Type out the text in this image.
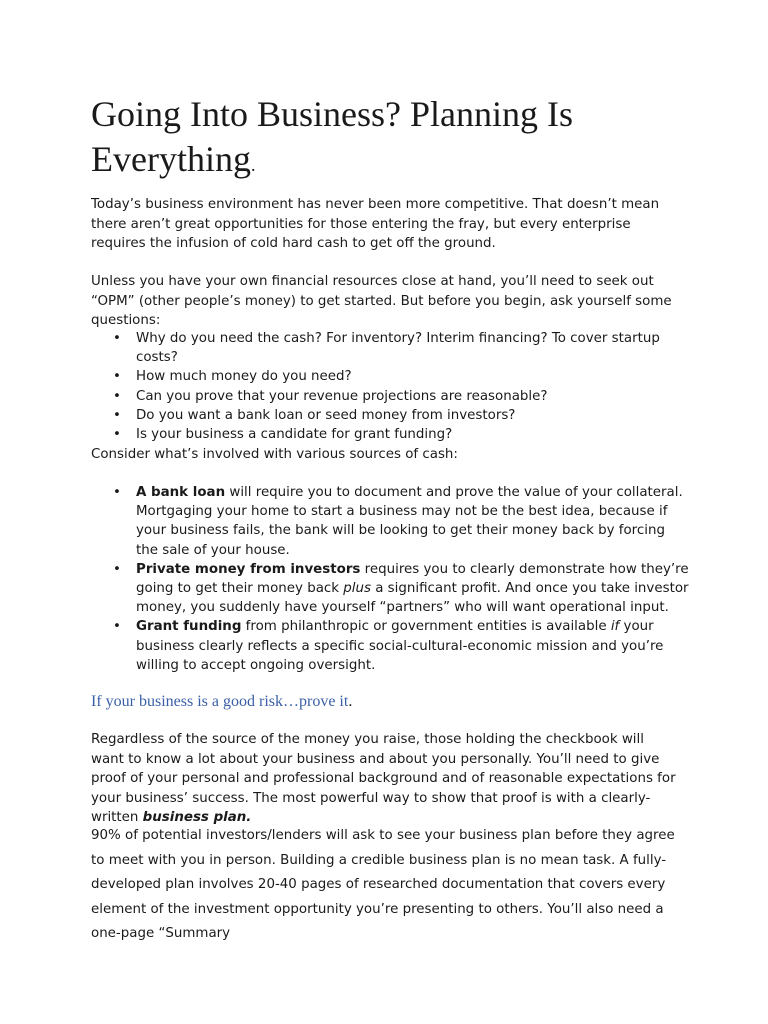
Going Into Business? Planning Is Everything.

Today’s business environment has never been more competitive. That doesn’t mean there aren’t great opportunities for those entering the fray, but every enterprise requires the infusion of cold hard cash to get off the ground.

Unless you have your own financial resources close at hand, you’ll need to seek out “OPM” (other people’s money) to get started. But before you begin, ask yourself some questions:

• Why do you need the cash? For inventory? Interim financing? To cover startup costs?
• How much money do you need?
• Can you prove that your revenue projections are reasonable?
• Do you want a bank loan or seed money from investors?
• Is your business a candidate for grant funding?

Consider what’s involved with various sources of cash:

• A bank loan will require you to document and prove the value of your collateral. Mortgaging your home to start a business may not be the best idea, because if your business fails, the bank will be looking to get their money back by forcing the sale of your house.
• Private money from investors requires you to clearly demonstrate how they’re going to get their money back plus a significant profit. And once you take investor money, you suddenly have yourself “partners” who will want operational input.
• Grant funding from philanthropic or government entities is available if your business clearly reflects a specific social-cultural-economic mission and you’re willing to accept ongoing oversight.
If your business is a good risk…prove it.

Regardless of the source of the money you raise, those holding the checkbook will want to know a lot about your business and about you personally. You’ll need to give proof of your personal and professional background and of reasonable expectations for your business’ success. The most powerful way to show that proof is with a clearly-written business plan.

90% of potential investors/lenders will ask to see your business plan before they agree to meet with you in person. Building a credible business plan is no mean task. A fully-developed plan involves 20-40 pages of researched documentation that covers every element of the investment opportunity you’re presenting to others. You’ll also need a one-page “Summary
